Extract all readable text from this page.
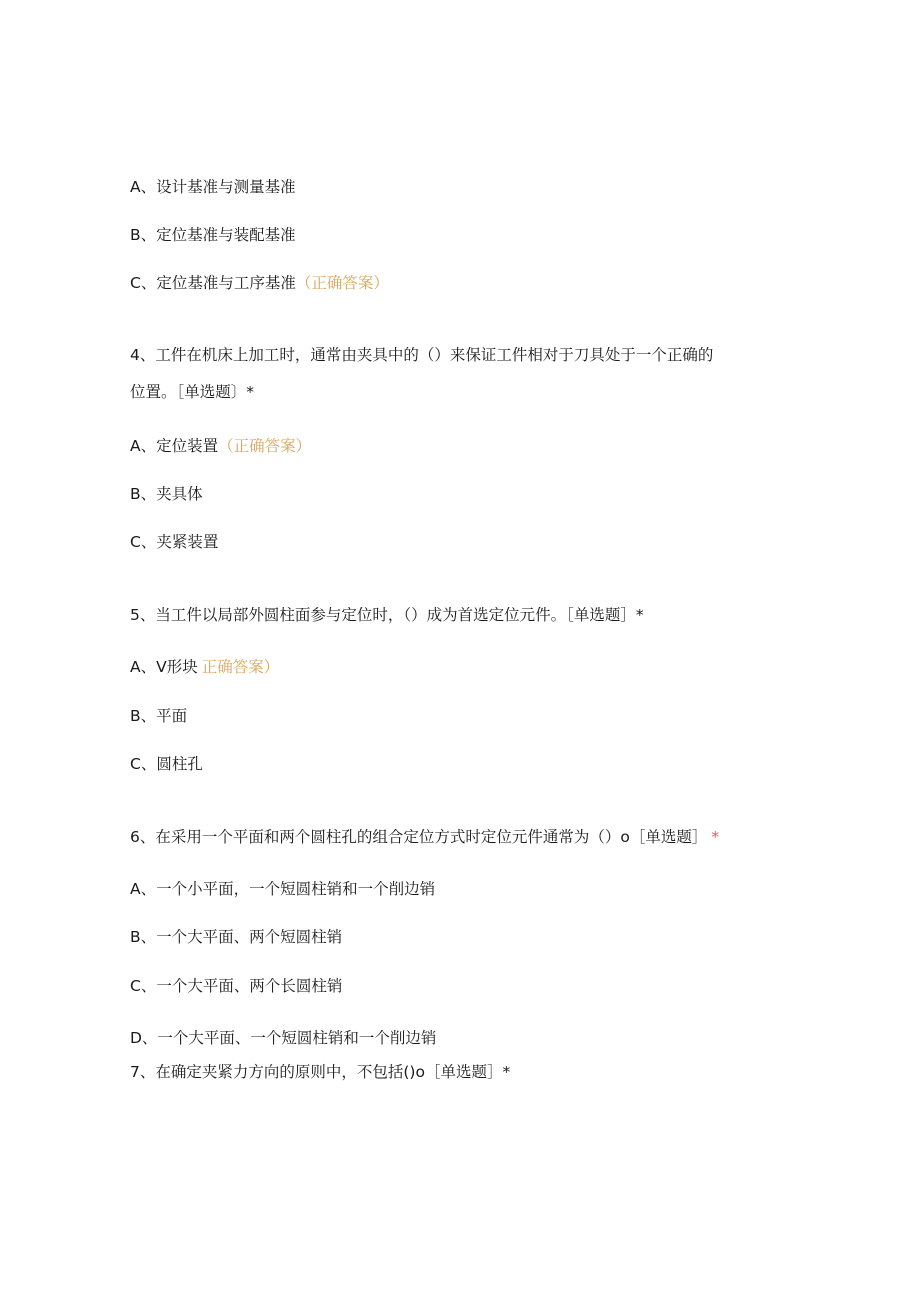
A、设计基准与测量基准
B、定位基准与装配基准
C、定位基准与工序基准（正确答案）
4、工件在机床上加工时，通常由夹具中的（）来保证工件相对于刀具处于一个正确的
位置。［单选题〕*
A、定位装置（正确答案）
B、夹具体
C、夹紧装置
5、当工件以局部外圆柱面参与定位时，（）成为首选定位元件。［单选题］*
A、V形块 正确答案）
B、平面
C、圆柱孔
6、在采用一个平面和两个圆柱孔的组合定位方式时定位元件通常为（）o［单选题］ *
A、一个小平面，一个短圆柱销和一个削边销
B、一个大平面、两个短圆柱销
C、一个大平面、两个长圆柱销
D、一个大平面、一个短圆柱销和一个削边销
7、在确定夹紧力方向的原则中，不包括()o［单选题］*
